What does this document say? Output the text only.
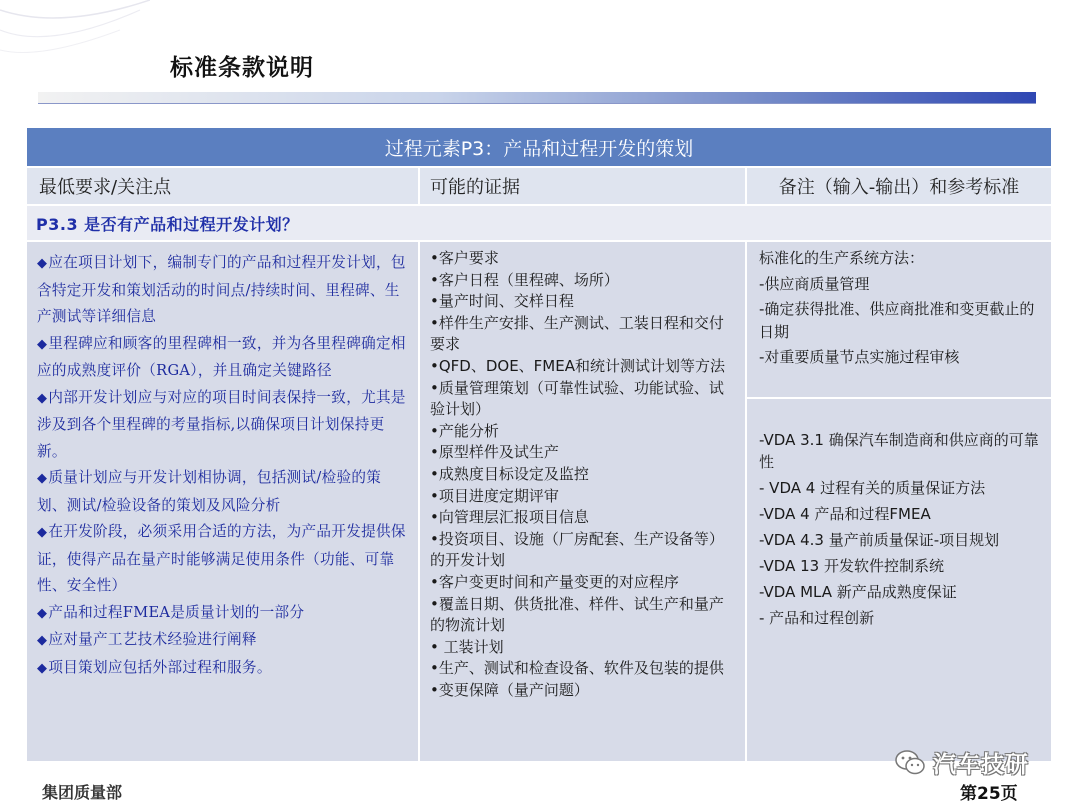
标准条款说明
过程元素P3：产品和过程开发的策划
最低要求/关注点	可能的证据	备注（输入-输出）和参考标准
P3.3 是否有产品和过程开发计划？
◆应在项目计划下，编制专门的产品和过程开发计划，包含特定开发和策划活动的时间点/持续时间、里程碑、生产测试等详细信息
◆里程碑应和顾客的里程碑相一致，并为各里程碑确定相应的成熟度评价（RGA），并且确定关键路径
◆内部开发计划应与对应的项目时间表保持一致，尤其是涉及到各个里程碑的考量指标,以确保项目计划保持更新。
◆质量计划应与开发计划相协调，包括测试/检验的策划、测试/检验设备的策划及风险分析
◆在开发阶段，必须采用合适的方法，为产品开发提供保证，使得产品在量产时能够满足使用条件（功能、可靠性、安全性）
◆产品和过程FMEA是质量计划的一部分
◆应对量产工艺技术经验进行阐释
◆项目策划应包括外部过程和服务。
•客户要求
•客户日程（里程碑、场所）
•量产时间、交样日程
•样件生产安排、生产测试、工装日程和交付要求
•QFD、DOE、FMEA和统计测试计划等方法
•质量管理策划（可靠性试验、功能试验、试验计划）
•产能分析
•原型样件及试生产
•成熟度目标设定及监控
•项目进度定期评审
•向管理层汇报项目信息
•投资项目、设施（厂房配套、生产设备等）的开发计划
•客户变更时间和产量变更的对应程序
•覆盖日期、供货批准、样件、试生产和量产的物流计划
• 工装计划
•生产、测试和检查设备、软件及包装的提供
•变更保障（量产问题）
标准化的生产系统方法：
-供应商质量管理
-确定获得批准、供应商批准和变更截止的日期
-对重要质量节点实施过程审核
-VDA 3.1 确保汽车制造商和供应商的可靠性
- VDA 4 过程有关的质量保证方法
-VDA 4 产品和过程FMEA
-VDA 4.3 量产前质量保证-项目规划
-VDA 13 开发软件控制系统
-VDA MLA 新产品成熟度保证
- 产品和过程创新
集团质量部
汽车技研
第25页
